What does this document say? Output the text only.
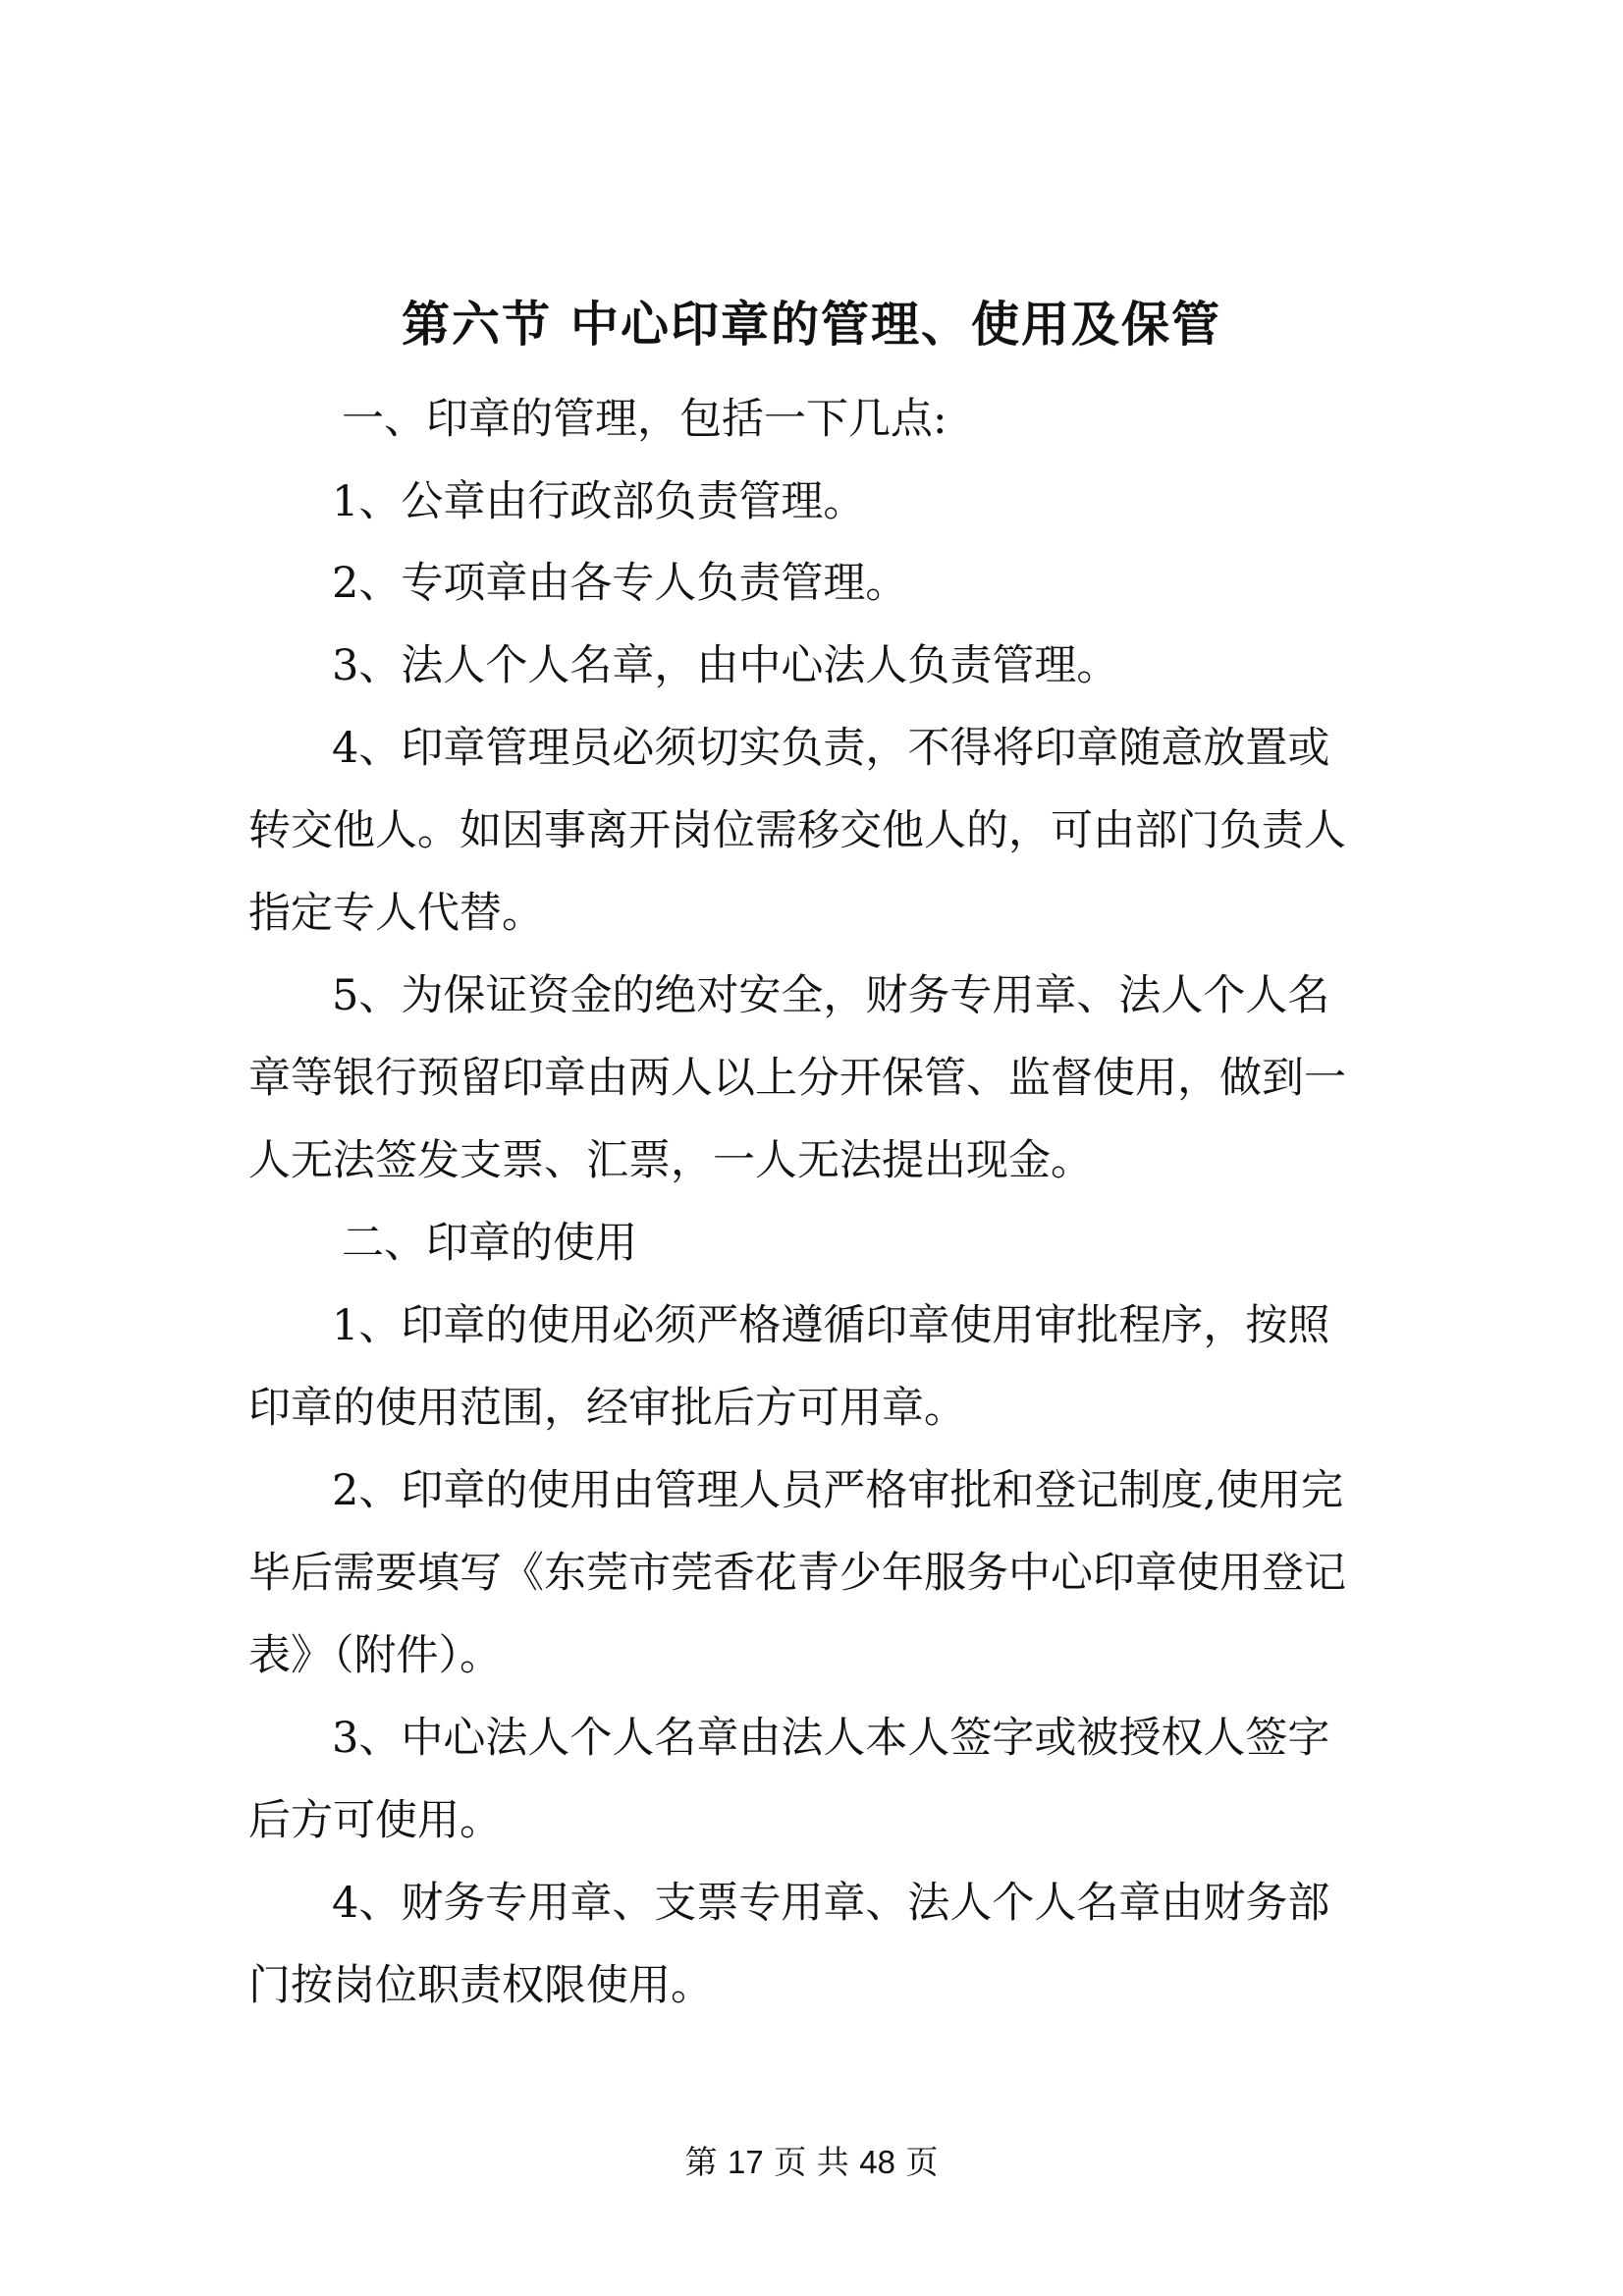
第六节 中心印章的管理、使用及保管
一、印章的管理，包括一下几点:
1、公章由行政部负责管理。
2、专项章由各专人负责管理。
3、法人个人名章，由中心法人负责管理。
4、印章管理员必须切实负责，不得将印章随意放置或
转交他人。如因事离开岗位需移交他人的，可由部门负责人
指定专人代替。
5、为保证资金的绝对安全，财务专用章、法人个人名
章等银行预留印章由两人以上分开保管、监督使用，做到一
人无法签发支票、汇票，一人无法提出现金。
二、印章的使用
1、印章的使用必须严格遵循印章使用审批程序，按照
印章的使用范围，经审批后方可用章。
2、印章的使用由管理人员严格审批和登记制度,使用完
毕后需要填写《东莞市莞香花青少年服务中心印章使用登记
表》（附件）。
3、中心法人个人名章由法人本人签字或被授权人签字
后方可使用。
4、财务专用章、支票专用章、法人个人名章由财务部
门按岗位职责权限使用。
第 17 页 共 48 页
